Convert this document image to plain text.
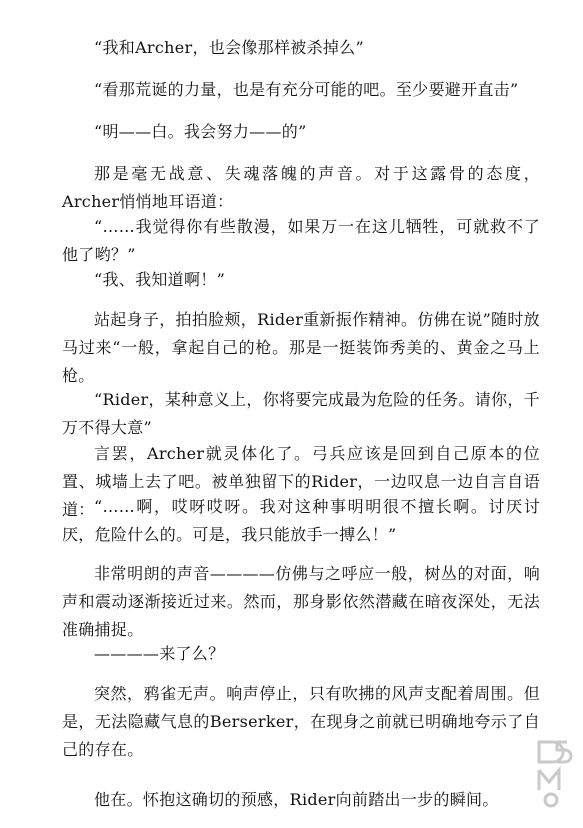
“我和Archer，也会像那样被杀掉么”

“看那荒诞的力量，也是有充分可能的吧。至少要避开直击”

“明——白。我会努力——的”

那是毫无战意、失魂落魄的声音。对于这露骨的态度，Archer悄悄地耳语道：

“……我觉得你有些散漫，如果万一在这儿牺牲，可就救不了他了哟？”

“我、我知道啊！”

站起身子，拍拍脸颊，Rider重新振作精神。仿佛在说”随时放马过来“一般，拿起自己的枪。那是一挺装饰秀美的、黄金之马上枪。

“Rider，某种意义上，你将要完成最为危险的任务。请你，千万不得大意”

言罢，Archer就灵体化了。弓兵应该是回到自己原本的位置、城墙上去了吧。被单独留下的Rider，一边叹息一边自言自语道： “……啊，哎呀哎呀。我对这种事明明很不擅长啊。讨厌讨厌，危险什么的。可是，我只能放手一搏么！”

非常明朗的声音————仿佛与之呼应一般，树丛的对面，响声和震动逐渐接近过来。然而，那身影依然潜藏在暗夜深处，无法准确捕捉。

————来了么？

突然，鸦雀无声。响声停止，只有吹拂的风声支配着周围。但是，无法隐藏气息的Berserker，在现身之前就已明确地夸示了自己的存在。

他在。怀抱这确切的预感，Rider向前踏出一步的瞬间。
